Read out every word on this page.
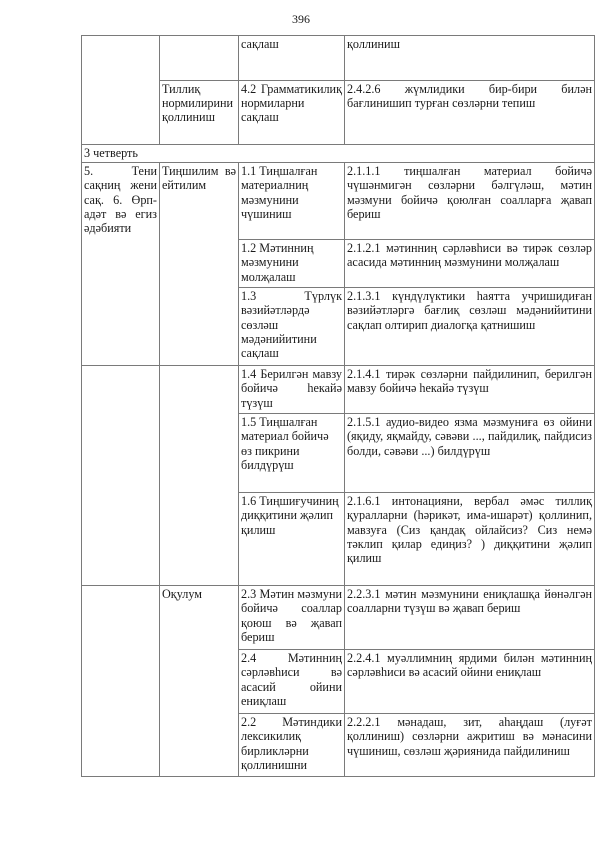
396
		сақлаш	қоллиниш
	Тиллиқ нормилирини қоллиниш	4.2 Грамматикилиқ нормиларни сақлаш	2.4.2.6 жүмлидики бир-бири билән бағлинишип турған сөзләрни тепиш
3 четверть			
5. Тени сақниң жени сақ. 6. Өрп-адәт вә егиз әдәбияти	Тиңшилим вә ейтилим	1.1 Тиңшалған материалниң мәзмунини чүшиниш	2.1.1.1 тиңшалған материал бойичә чүшәнмигән сөзләрни бәлгүләш, мәтин мәзмуни бойичә қоюлған соалларға җавап бериш
		1.2 Мәтинниң мәзмунини молҗалаш	2.1.2.1 мәтинниң сәрләвһиси вә тирәк сөзләр асасида мәтинниң мәзмунини молҗалаш
		1.3 Түрлүк вәзийәтләрдә сөзләш мәдәнийитини сақлаш	2.1.3.1 күндүлүктики һаятта учришидиған вәзийәтләргә бағлиқ сөзләш мәдәнийитини сақлап олтирип диалогқа қатнишиш
		1.4 Берилгән мавзу бойичә һекайә түзүш	2.1.4.1 тирәк сөзләрни пайдилинип, берилгән мавзу бойичә һекайә түзүш
		1.5 Тиңшалған материал бойичә өз пикрини билдүрүш	2.1.5.1 аудио-видео язма мәзмуниға өз ойини (яқиду, яқмайду, сәвәви ..., пайдилиқ, пайдисиз болди, сәвәви ...) билдүрүш
		1.6 Тиңшиғучиниң диққитини җәлип қилиш	2.1.6.1 интонацияни, вербал әмәс тиллиқ қуралларни (һәрикәт, има-ишарәт) қоллинип, мавзуға (Сиз қандақ ойлайсиз? Сиз немә тәклип қилар едиңиз? ) диққитини җәлип қилиш
	Оқулум	2.3 Мәтин мәзмуни бойичә соаллар қоюш вә җавап бериш	2.2.3.1 мәтин мәзмунини ениқлашқа йөнәлгән соалларни түзүш вә җавап бериш
		2.4 Мәтинниң сәрләвһиси вә асасий ойини ениқлаш	2.2.4.1 муәллимниң ярдими билән мәтинниң сәрләвһиси вә асасий ойини ениқлаш
		2.2 Мәтиндики лексикилиқ бирликләрни қоллинишни	2.2.2.1 мәнадаш, зит, аһаңдаш (луғәт қоллиниш) сөзләрни ажритиш вә мәнасини чүшиниш, сөзләш җәриянида пайдилиниш
